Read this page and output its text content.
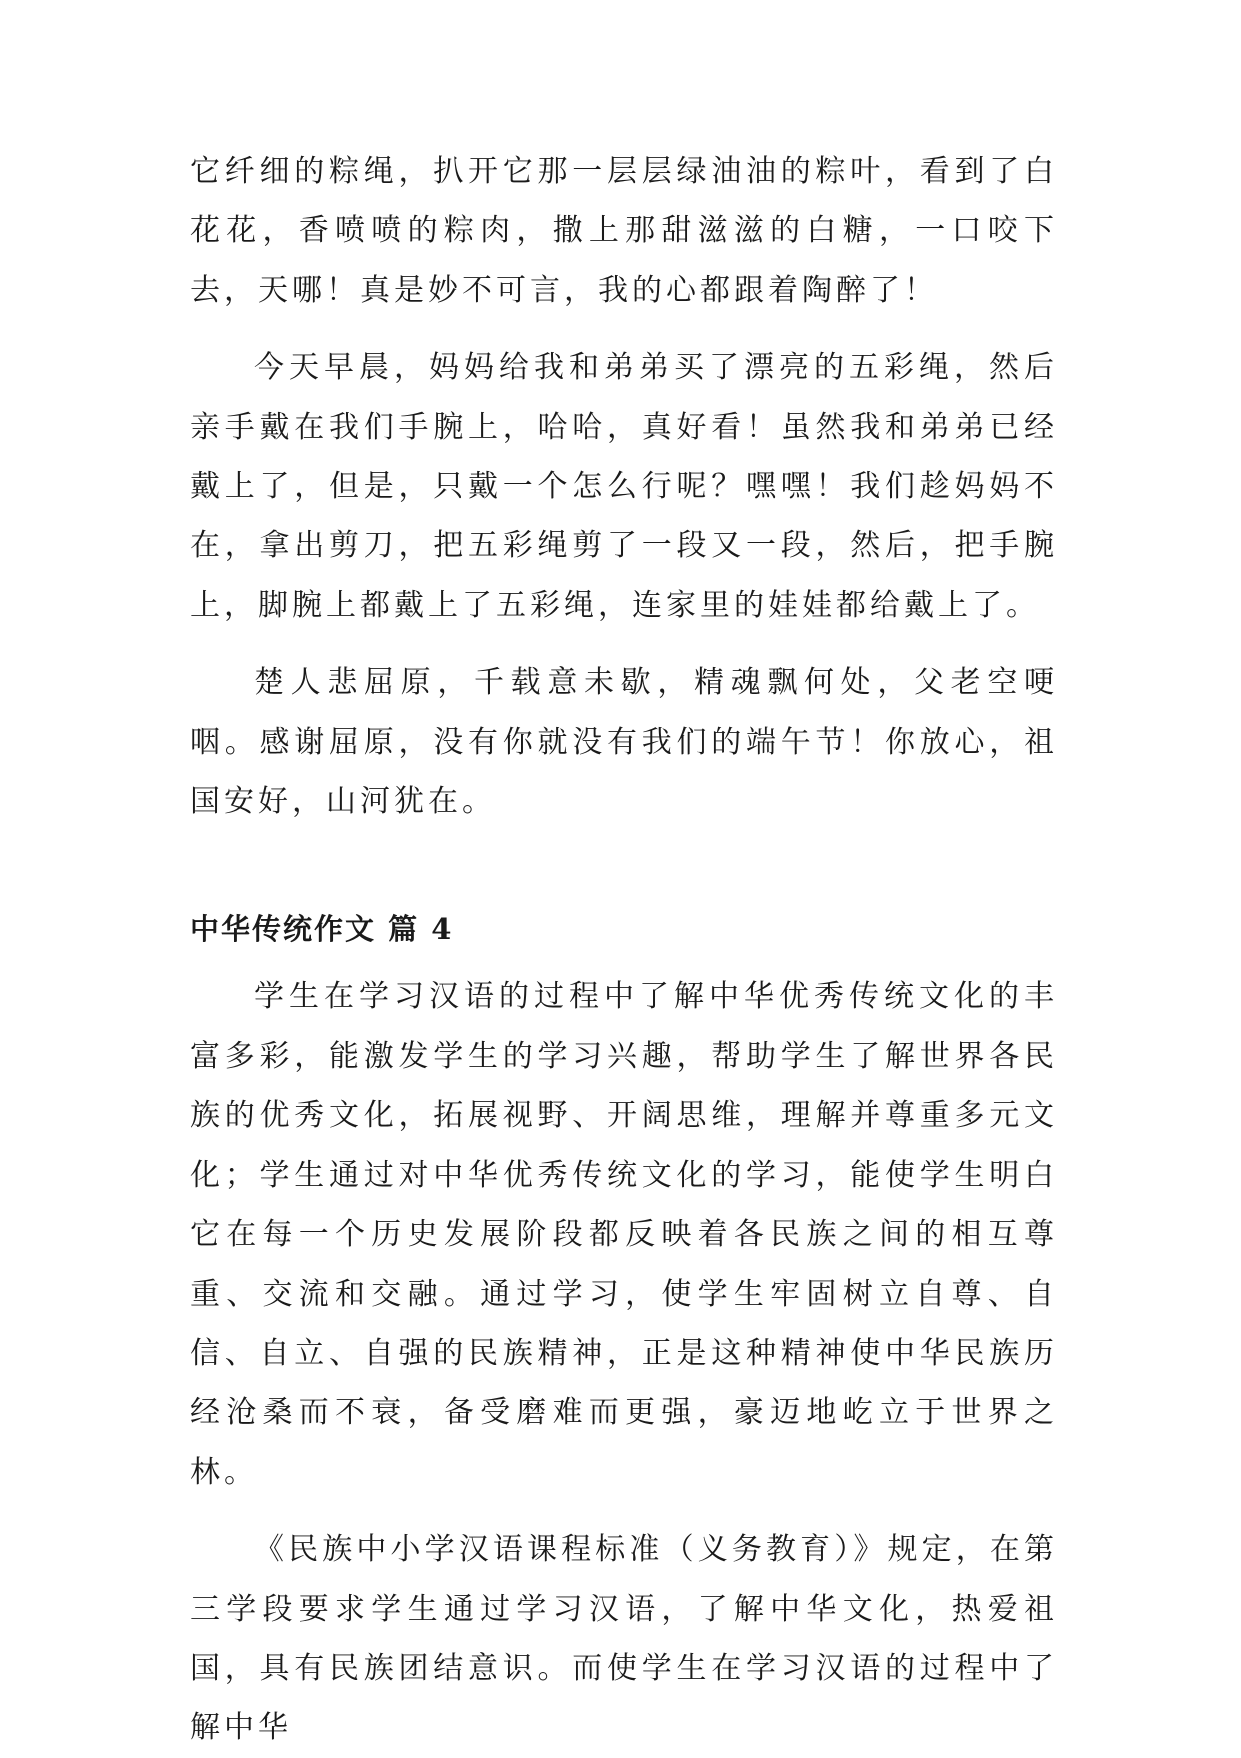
它纤细的粽绳，扒开它那一层层绿油油的粽叶，看到了白花花，香喷喷的粽肉，撒上那甜滋滋的白糖，一口咬下去，天哪！真是妙不可言，我的心都跟着陶醉了！

今天早晨，妈妈给我和弟弟买了漂亮的五彩绳，然后亲手戴在我们手腕上，哈哈，真好看！虽然我和弟弟已经戴上了，但是，只戴一个怎么行呢？嘿嘿！我们趁妈妈不在，拿出剪刀，把五彩绳剪了一段又一段，然后，把手腕上，脚腕上都戴上了五彩绳，连家里的娃娃都给戴上了。

楚人悲屈原，千载意未歇，精魂飘何处，父老空哽咽。感谢屈原，没有你就没有我们的端午节！你放心，祖国安好，山河犹在。

中华传统作文 篇 4

学生在学习汉语的过程中了解中华优秀传统文化的丰富多彩，能激发学生的学习兴趣，帮助学生了解世界各民族的优秀文化，拓展视野、开阔思维，理解并尊重多元文化；学生通过对中华优秀传统文化的学习，能使学生明白它在每一个历史发展阶段都反映着各民族之间的相互尊重、交流和交融。通过学习，使学生牢固树立自尊、自信、自立、自强的民族精神，正是这种精神使中华民族历经沧桑而不衰，备受磨难而更强，豪迈地屹立于世界之林。

《民族中小学汉语课程标准（义务教育）》规定，在第三学段要求学生通过学习汉语，了解中华文化，热爱祖国，具有民族团结意识。而使学生在学习汉语的过程中了解中华
